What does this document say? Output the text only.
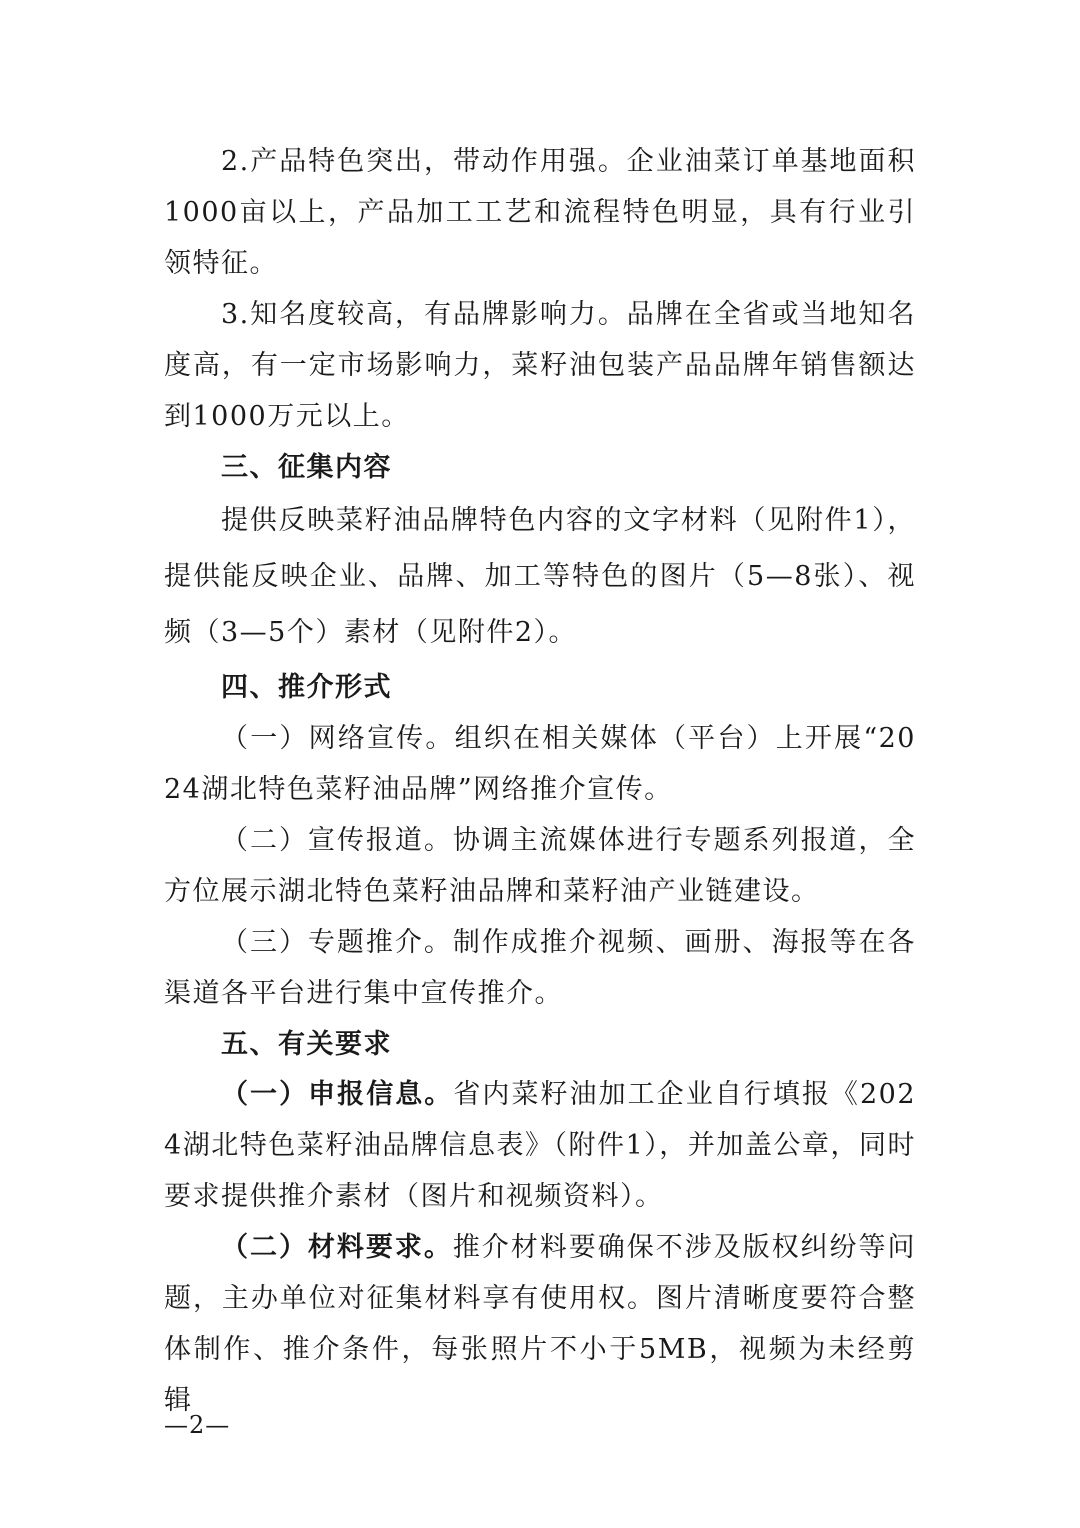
2.产品特色突出，带动作用强。企业油菜订单基地面积1000亩以上，产品加工工艺和流程特色明显，具有行业引领特征。

3.知名度较高，有品牌影响力。品牌在全省或当地知名度高，有一定市场影响力，菜籽油包装产品品牌年销售额达到1000万元以上。

三、征集内容

提供反映菜籽油品牌特色内容的文字材料（见附件1），提供能反映企业、品牌、加工等特色的图片（5—8张）、视频（3—5个）素材（见附件2）。

四、推介形式

（一）网络宣传。组织在相关媒体（平台）上开展“2024湖北特色菜籽油品牌”网络推介宣传。

（二）宣传报道。协调主流媒体进行专题系列报道，全方位展示湖北特色菜籽油品牌和菜籽油产业链建设。

（三）专题推介。制作成推介视频、画册、海报等在各渠道各平台进行集中宣传推介。

五、有关要求

（一）申报信息。省内菜籽油加工企业自行填报《2024湖北特色菜籽油品牌信息表》（附件1），并加盖公章，同时要求提供推介素材（图片和视频资料）。

（二）材料要求。推介材料要确保不涉及版权纠纷等问题，主办单位对征集材料享有使用权。图片清晰度要符合整体制作、推介条件，每张照片不小于5MB，视频为未经剪辑

—2—
